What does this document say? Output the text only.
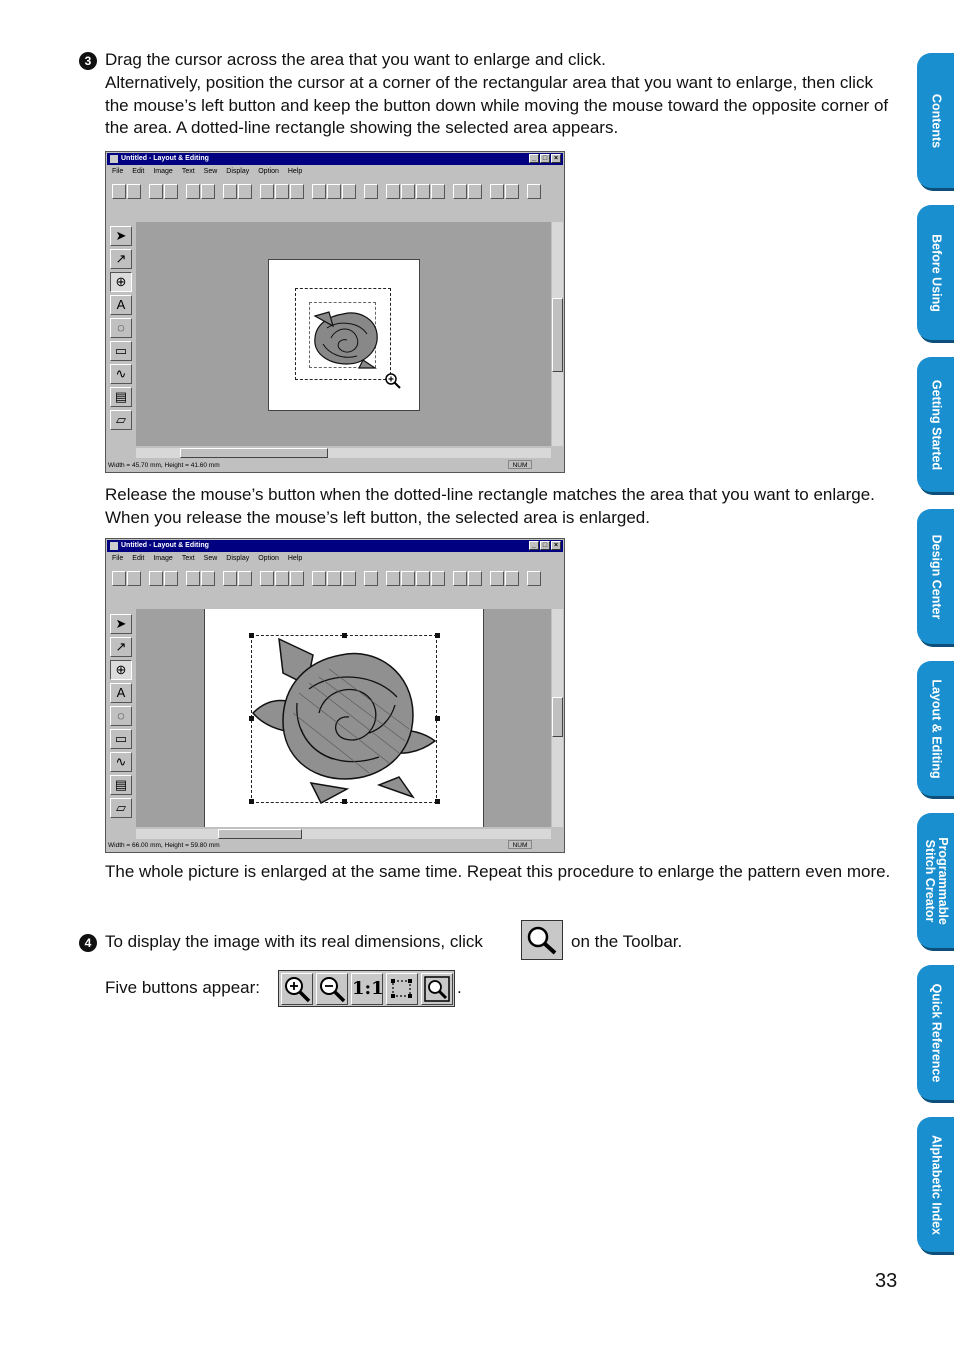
3 Drag the cursor across the area that you want to enlarge and click.

Alternatively, position the cursor at a corner of the rectangular area that you want to enlarge, then click the mouse’s left button and keep the button down while moving the mouse toward the opposite corner of the area. A dotted-line rectangle showing the selected area appears.

Untitled - Layout & Editing	_ □ ×
File Edit Image Text Sew Display Option Help
➤
↗
⊕
A
◌
▭
∿
▤
▱
Width = 45.70 mm, Height = 41.60 mm	NUM

Release the mouse’s button when the dotted-line rectangle matches the area that you want to enlarge. When you release the mouse’s left button, the selected area is enlarged.

Untitled - Layout & Editing	_ □ ×
File Edit Image Text Sew Display Option Help
➤
↗
⊕
A
◌
▭
∿
▤
▱
Width = 66.00 mm, Height = 59.80 mm	NUM

The whole picture is enlarged at the same time. Repeat this procedure to enlarge the pattern even more.

4 To display the image with its real dimensions, click	on the Toolbar.
Five buttons appear:	1:1	.
Contents
Before Using
Getting Started
Design Center
Layout & Editing
Programmable Stitch Creator
Quick Reference
Alphabetic Index
33
